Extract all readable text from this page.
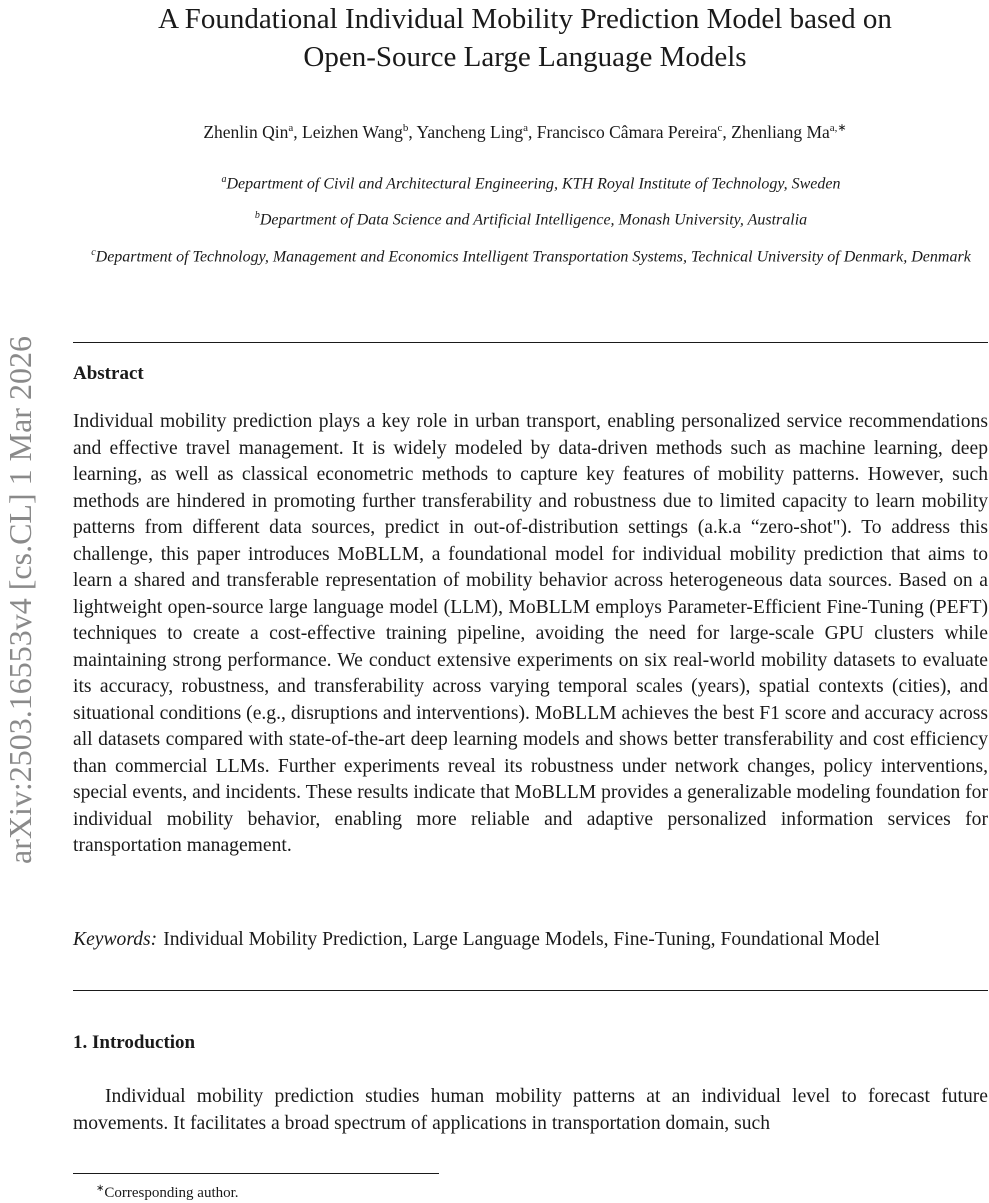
arXiv:2503.16553v4 [cs.CL] 1 Mar 2026
A Foundational Individual Mobility Prediction Model based on
Open-Source Large Language Models
Zhenlin Qin$^a$, Leizhen Wang$^b$, Yancheng Ling$^a$, Francisco Câmara Pereira$^c$, Zhenliang $Ma^{a,∗}$
$^a$Department of Civil and Architectural Engineering, KTH Royal Institute of Technology, Sweden
$^b$Department of Data Science and Artificial Intelligence, Monash University, Australia
$^c$Department of Technology, Management and Economics Intelligent Transportation Systems, Technical University of Denmark, Denmark
Abstract

Individual mobility prediction plays a key role in urban transport, enabling personalized service recommendations and effective travel management. It is widely modeled by data-driven methods such as machine learning, deep learning, as well as classical econometric methods to capture key features of mobility patterns. However, such methods are hindered in promoting further transferability and robustness due to limited capacity to learn mobility patterns from different data sources, predict in out-of-distribution settings (a.k.a “zero-shot"). To address this challenge, this paper introduces MoBLLM, a foundational model for individual mobility prediction that aims to learn a shared and transferable representation of mobility behavior across heterogeneous data sources. Based on a lightweight open-source large language model (LLM), MoBLLM employs Parameter-Efficient Fine-Tuning (PEFT) techniques to create a cost-effective training pipeline, avoiding the need for large-scale GPU clusters while maintaining strong performance. We conduct extensive experiments on six real-world mobility datasets to evaluate its accuracy, robustness, and transferability across varying temporal scales (years), spatial contexts (cities), and situational conditions (e.g., disruptions and interventions). MoBLLM achieves the best F1 score and accuracy across all datasets compared with state-of-the-art deep learning models and shows better transferability and cost efficiency than commercial LLMs. Further experiments reveal its robustness under network changes, policy interventions, special events, and incidents. These results indicate that MoBLLM provides a generalizable modeling foundation for individual mobility behavior, enabling more reliable and adaptive personalized information services for transportation management.

Keywords: Individual Mobility Prediction, Large Language Models, Fine-Tuning, Foundational Model

1. Introduction

Individual mobility prediction studies human mobility patterns at an individual level to forecast future movements. It facilitates a broad spectrum of applications in transportation domain, such

∗Corresponding author.
